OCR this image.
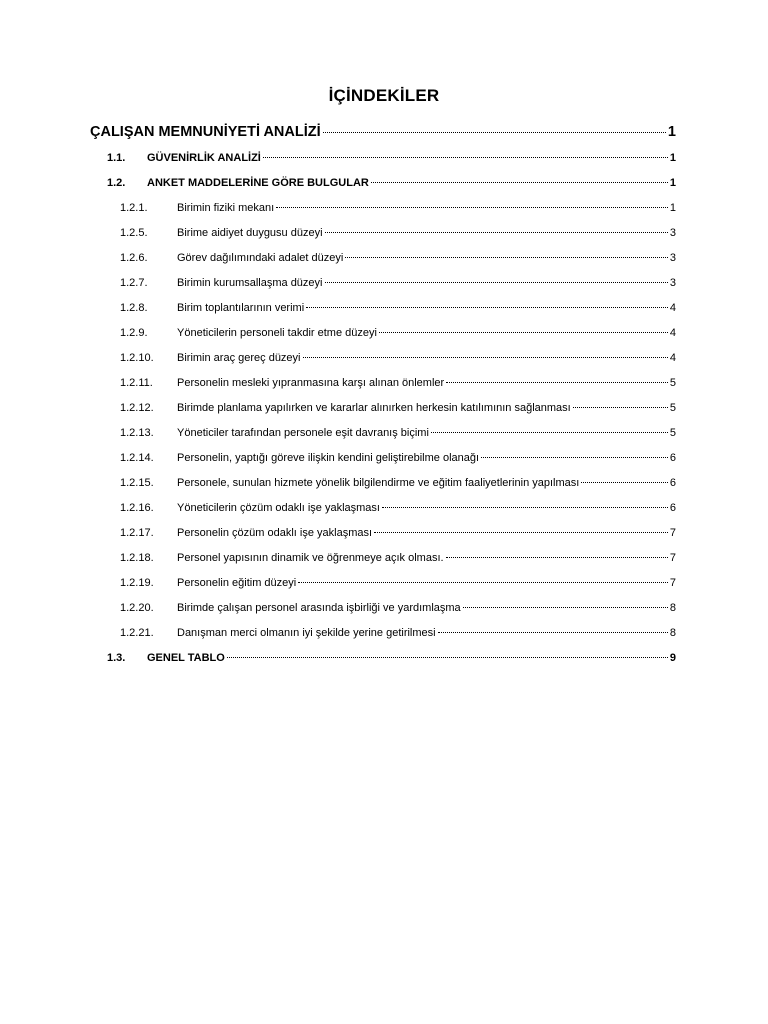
İÇİNDEKİLER
ÇALIŞAN MEMNUNİYETİ ANALİZİ	1
1.1.	GÜVENİRLİK ANALİZİ	1
1.2.	ANKET MADDELERİNE GÖRE BULGULAR	1
1.2.1.	Birimin fiziki mekanı	1
1.2.5.	Birime aidiyet duygusu düzeyi	3
1.2.6.	Görev dağılımındaki adalet düzeyi	3
1.2.7.	Birimin kurumsallaşma düzeyi	3
1.2.8.	Birim toplantılarının verimi	4
1.2.9.	Yöneticilerin personeli takdir etme düzeyi	4
1.2.10.	Birimin araç gereç düzeyi	4
1.2.11.	Personelin mesleki yıpranmasına karşı alınan önlemler	5
1.2.12.	Birimde planlama yapılırken ve kararlar alınırken herkesin katılımının sağlanması	5
1.2.13.	Yöneticiler tarafından personele eşit davranış biçimi	5
1.2.14.	Personelin, yaptığı göreve ilişkin kendini geliştirebilme olanağı	6
1.2.15.	Personele, sunulan hizmete yönelik bilgilendirme ve eğitim faaliyetlerinin yapılması	6
1.2.16.	Yöneticilerin çözüm odaklı işe yaklaşması	6
1.2.17.	Personelin çözüm odaklı işe yaklaşması	7
1.2.18.	Personel yapısının dinamik ve öğrenmeye açık olması.	7
1.2.19.	Personelin eğitim düzeyi	7
1.2.20.	Birimde çalışan personel arasında işbirliği ve yardımlaşma	8
1.2.21.	Danışman merci olmanın iyi şekilde yerine getirilmesi	8
1.3.	GENEL TABLO	9
